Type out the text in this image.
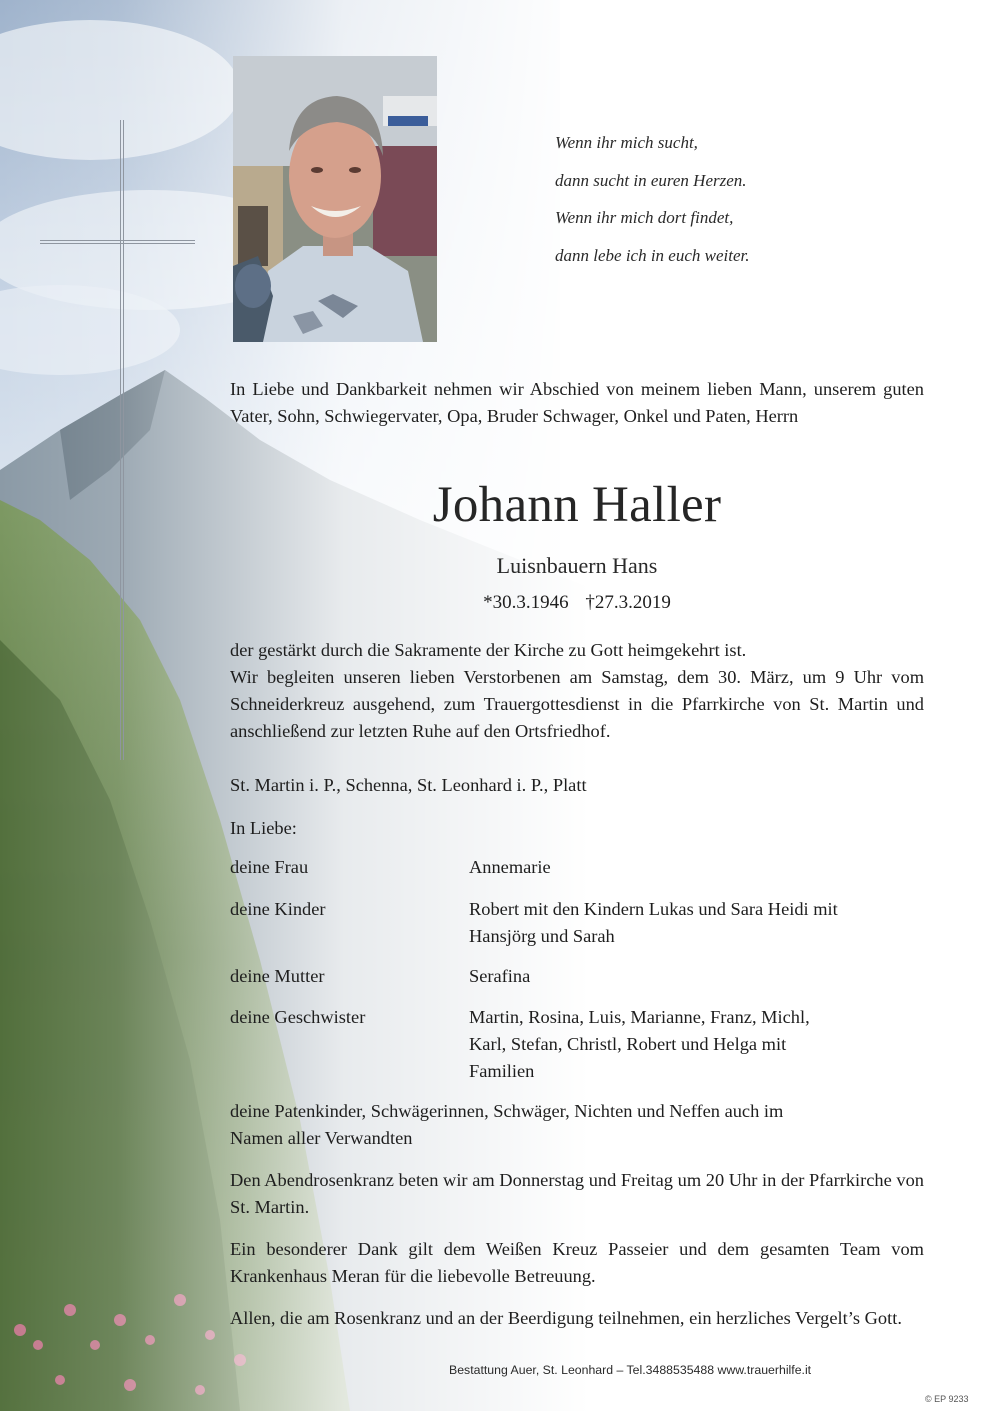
Wenn ihr mich sucht,
dann sucht in euren Herzen.
Wenn ihr mich dort findet,
dann lebe ich in euch weiter.
In Liebe und Dankbarkeit nehmen wir Abschied von meinem lieben Mann, unserem guten Vater, Sohn, Schwiegervater, Opa, Bruder Schwager, Onkel und Paten, Herrn
Johann Haller
Luisnbauern Hans
*30.3.1946 †27.3.2019
der gestärkt durch die Sakramente der Kirche zu Gott heimgekehrt ist.
Wir begleiten unseren lieben Verstorbenen am Samstag, dem 30. März, um 9 Uhr vom Schneiderkreuz ausgehend, zum Trauergottesdienst in die Pfarrkirche von St. Martin und anschließend zur letzten Ruhe auf den Ortsfriedhof.
St. Martin i. P., Schenna, St. Leonhard i. P., Platt
In Liebe:
deine Frau	Annemarie
deine Kinder	Robert mit den Kindern Lukas und Sara Heidi mit Hansjörg und Sarah
deine Mutter	Serafina
deine Geschwister	Martin, Rosina, Luis, Marianne, Franz, Michl, Karl, Stefan, Christl, Robert und Helga mit Familien
deine Patenkinder, Schwägerinnen, Schwäger, Nichten und Neffen auch im Namen aller Verwandten
Den Abendrosenkranz beten wir am Donnerstag und Freitag um 20 Uhr in der Pfarrkirche von St. Martin.
Ein besonderer Dank gilt dem Weißen Kreuz Passeier und dem gesamten Team vom Krankenhaus Meran für die liebevolle Betreuung.
Allen, die am Rosenkranz und an der Beerdigung teilnehmen, ein herzliches Vergelt’s Gott.
Bestattung Auer, St. Leonhard – Tel.3488535488 www.trauerhilfe.it
© EP 9233
